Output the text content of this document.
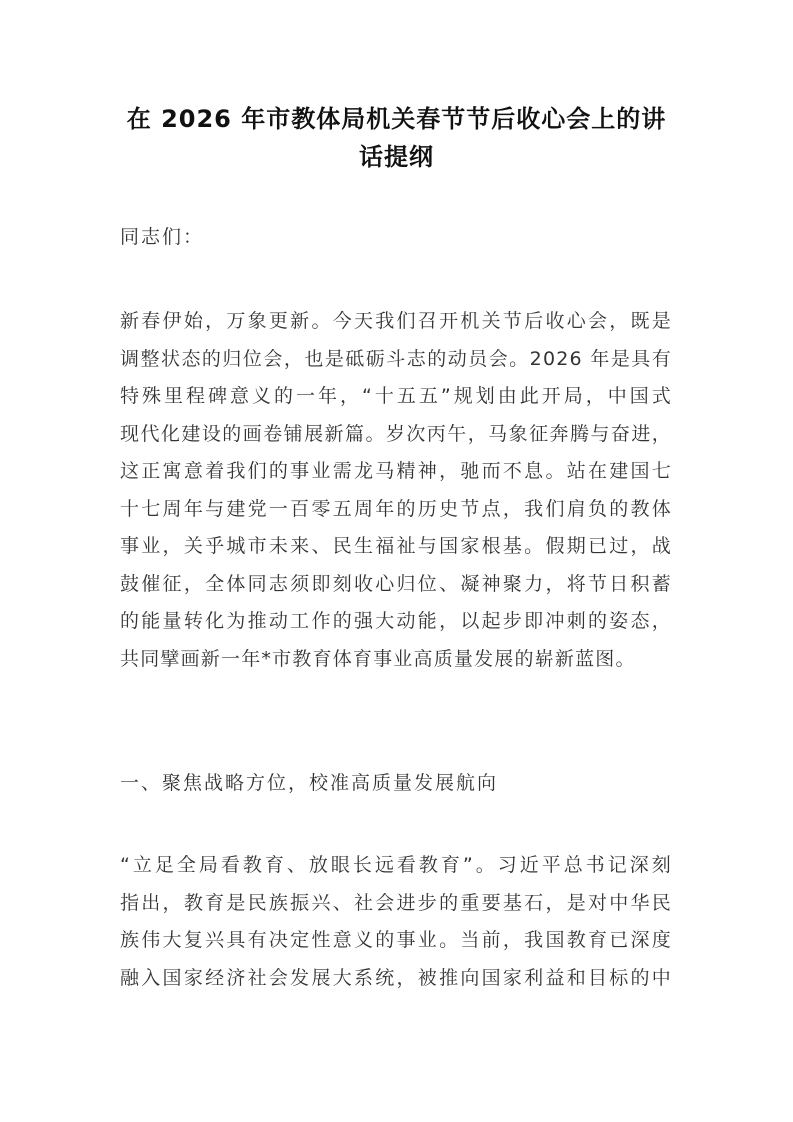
在 2026 年市教体局机关春节节后收心会上的讲
话提纲
同志们：
新春伊始，万象更新。今天我们召开机关节后收心会，既是
调整状态的归位会，也是砥砺斗志的动员会。2026 年是具有
特殊里程碑意义的一年，“十五五”规划由此开局，中国式
现代化建设的画卷铺展新篇。岁次丙午，马象征奔腾与奋进，
这正寓意着我们的事业需龙马精神，驰而不息。站在建国七
十七周年与建党一百零五周年的历史节点，我们肩负的教体
事业，关乎城市未来、民生福祉与国家根基。假期已过，战
鼓催征，全体同志须即刻收心归位、凝神聚力，将节日积蓄
的能量转化为推动工作的强大动能，以起步即冲刺的姿态，
共同擘画新一年*市教育体育事业高质量发展的崭新蓝图。
一、聚焦战略方位，校准高质量发展航向
“立足全局看教育、放眼长远看教育”。习近平总书记深刻
指出，教育是民族振兴、社会进步的重要基石，是对中华民
族伟大复兴具有决定性意义的事业。当前，我国教育已深度
融入国家经济社会发展大系统，被推向国家利益和目标的中
